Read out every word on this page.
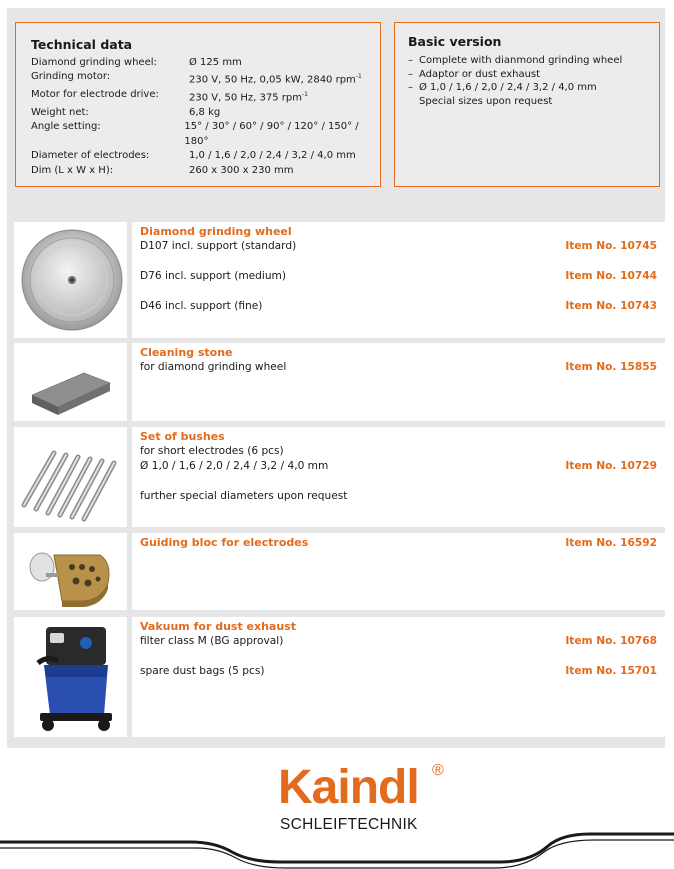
Technical data
Diamond grinding wheel:	Ø 125 mm
Grinding motor:	230 V, 50 Hz, 0,05 kW, 2840 rpm$^{-1}$
Motor for electrode drive:	230 V, 50 Hz, 375 rpm$^{-1}$
Weight net:	6,8 kg
Angle setting:	15° / 30° / 60° / 90° / 120° / 150° / 180°
Diameter of electrodes:	1,0 / 1,6 / 2,0 / 2,4 / 3,2 / 4,0 mm
Dim (L x W x H):	260 x 300 x 230 mm
Basic version
– Complete with dianmond grinding wheel
– Adaptor or dust exhaust
– Ø 1,0 / 1,6 / 2,0 / 2,4 / 3,2 / 4,0 mm
Special sizes upon request
Diamond grinding wheel
D107 incl. support (standard)	Item No. 10745
D76 incl. support (medium)	Item No. 10744
D46 incl. support (fine)	Item No. 10743
Cleaning stone
for diamond grinding wheel	Item No. 15855
Set of bushes
for short electrodes (6 pcs)
Ø 1,0 / 1,6 / 2,0 / 2,4 / 3,2 / 4,0 mm	Item No. 10729
further special diameters upon request
Guiding bloc for electrodes	Item No. 16592
Vakuum for dust exhaust
filter class M (BG approval)	Item No. 10768
spare dust bags (5 pcs)	Item No. 15701
Kaindl ®
SCHLEIFTECHNIK
